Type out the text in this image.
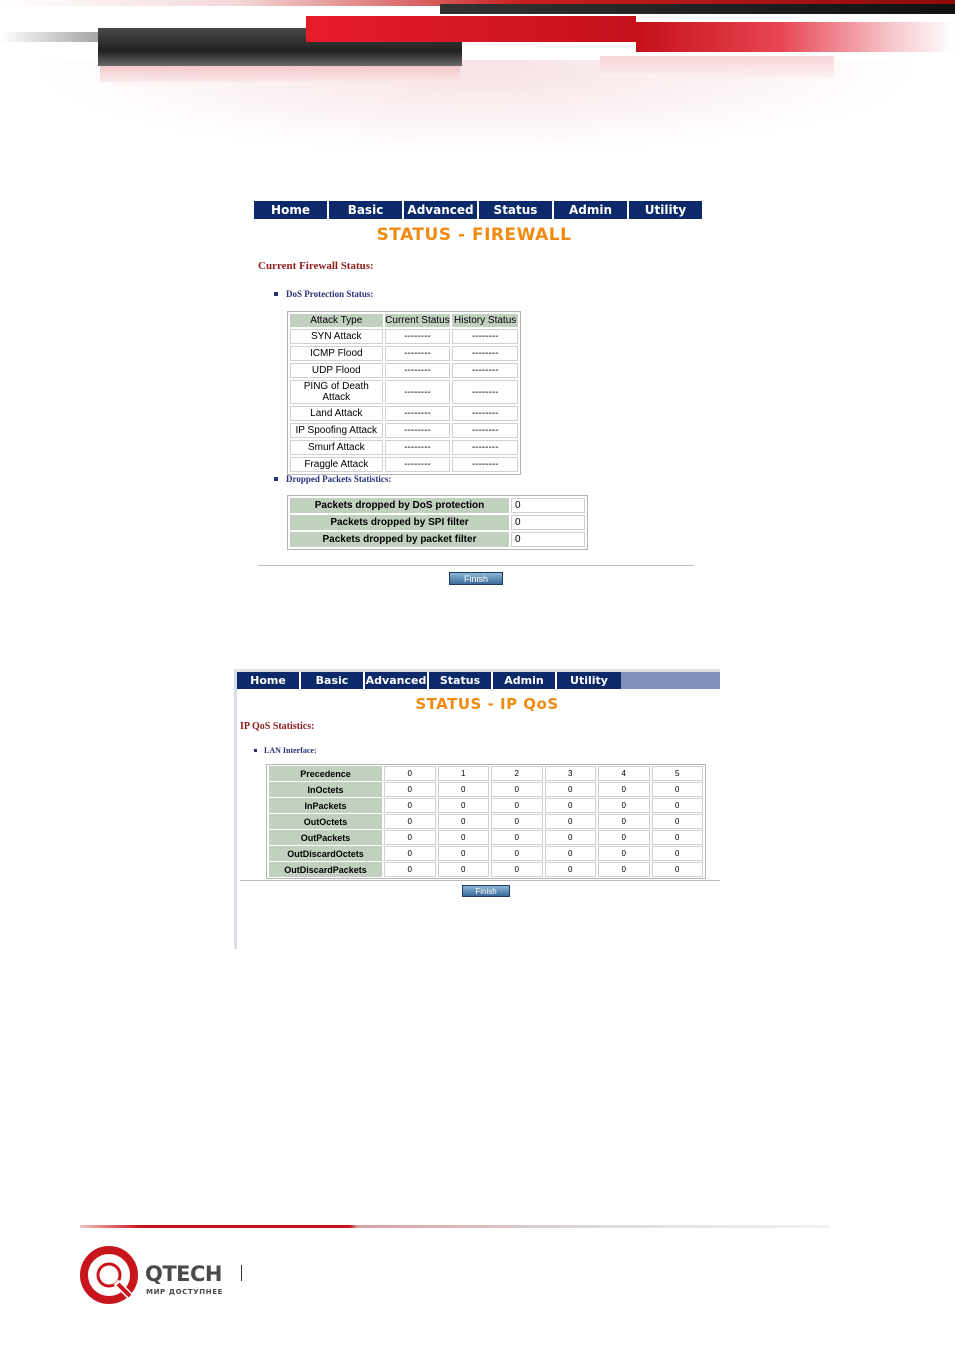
Home	Basic	Advanced	Status	Admin	Utility
STATUS - FIREWALL
Current Firewall Status:
DoS Protection Status:
Attack Type	Current Status	History Status
SYN Attack	--------	--------
ICMP Flood	--------	--------
UDP Flood	--------	--------
PING of Death Attack	--------	--------
Land Attack	--------	--------
IP Spoofing Attack	--------	--------
Smurf Attack	--------	--------
Fraggle Attack	--------	--------
Dropped Packets Statistics:
Packets dropped by DoS protection	0
Packets dropped by SPI filter	0
Packets dropped by packet filter	0
Finish
Home	Basic	Advanced	Status	Admin	Utility
STATUS - IP QoS
IP QoS Statistics:
LAN Interface:
Precedence	0	1	2	3	4	5
InOctets	0	0	0	0	0	0
InPackets	0	0	0	0	0	0
OutOctets	0	0	0	0	0	0
OutPackets	0	0	0	0	0	0
OutDiscardOctets	0	0	0	0	0	0
OutDiscardPackets	0	0	0	0	0	0
Finish
QTECH
МИР ДОСТУПНЕЕ
